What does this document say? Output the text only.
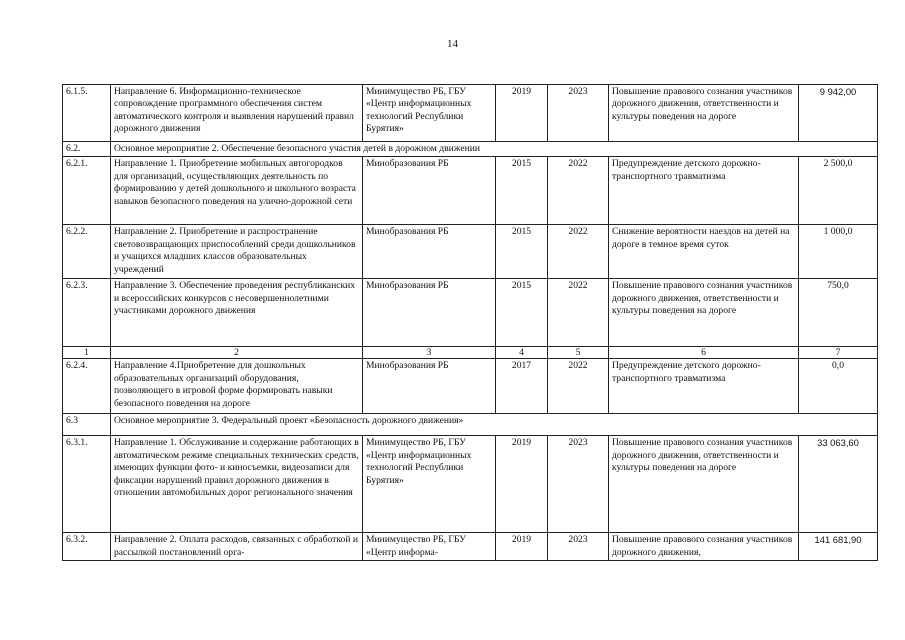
14
6.1.5.	Направление 6. Информационно-техническое сопровождение программного обеспечения систем автоматического контроля и выявления нарушений правил дорожного движения	Минимущество РБ, ГБУ «Центр информационных технологий Республики Бурятия»	2019	2023	Повышение правового сознания участников дорожного движения, ответственности и культуры поведения на дороге	9 942,00
6.2.	Основное мероприятие 2. Обеспечение безопасного участия детей в дорожном движении					
6.2.1.	Направление 1. Приобретение мобильных автогородков для организаций, осуществляющих деятельность по формированию у детей дошкольного и школьного возраста навыков безопасного поведения на улично-дорожной сети	Минобразования РБ	2015	2022	Предупреждение детского дорожно-транспортного травматизма	2 500,0
6.2.2.	Направление 2. Приобретение и распространение световозвращающих приспособлений среди дошкольников и учащихся младших классов образовательных учреждений	Минобразования РБ	2015	2022	Снижение вероятности наездов на детей на дороге в темное время суток	1 000,0
6.2.3.	Направление 3. Обеспечение проведения республиканских и всероссийских конкурсов с несовершеннолетними участниками дорожного движения	Минобразования РБ	2015	2022	Повышение правового сознания участников дорожного движения, ответственности и культуры поведения на дороге	750,0
1	2	3	4	5	6	7
6.2.4.	Направление 4.Приобретение для дошкольных образовательных организаций оборудования, позволяющего в игровой форме формировать навыки безопасного поведения на дороге	Минобразования РБ	2017	2022	Предупреждение детского дорожно-транспортного травматизма	0,0
6.3	Основное мероприятие 3. Федеральный проект «Безопасность дорожного движения»					
6.3.1.	Направление 1. Обслуживание и содержание работающих в автоматическом режиме специальных технических средств, имеющих функции фото- и киносъемки, видеозаписи для фиксации нарушений правил дорожного движения в отношении автомобильных дорог регионального значения	Минимущество РБ, ГБУ «Центр информационных технологий Республики Бурятия»	2019	2023	Повышение правового сознания участников дорожного движения, ответственности и культуры поведения на дороге	33 063,60
6.3.2.	Направление 2. Оплата расходов, связанных с обработкой и рассылкой постановлений орга-	Минимущество РБ, ГБУ «Центр информа-	2019	2023	Повышение правового сознания участников дорожного движения,	141 681,90
